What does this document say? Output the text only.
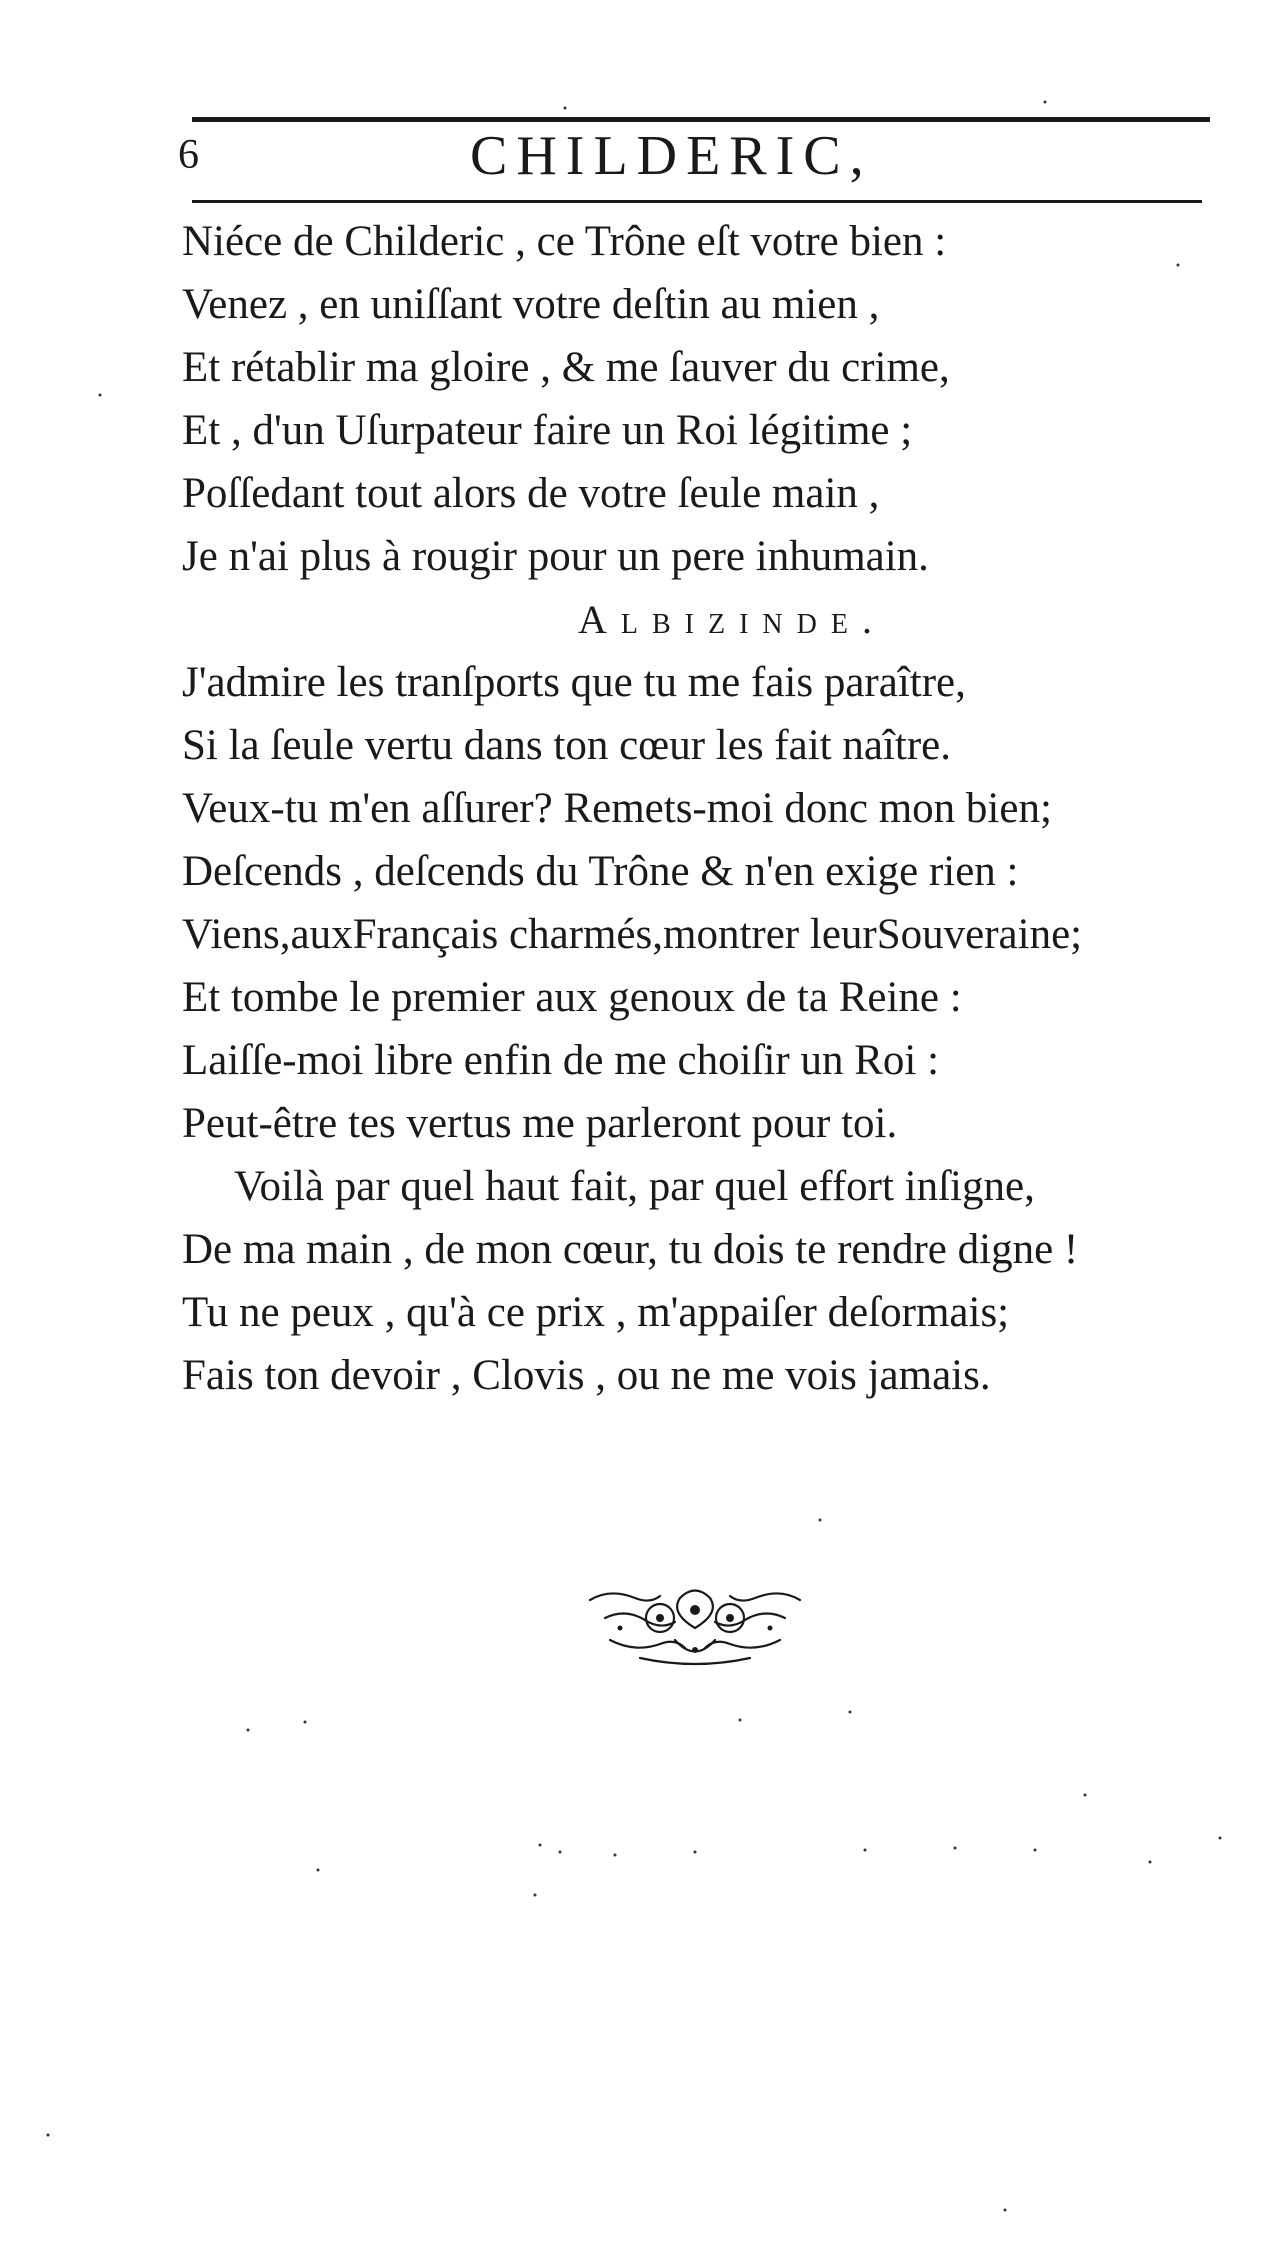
6	CHILDERIC,
Niéce de Childeric , ce Trône eſt votre bien :
Venez , en uniſſant votre deſtin au mien ,
Et rétablir ma gloire , & me ſauver du crime,
Et , d'un Uſurpateur faire un Roi légitime ;
Poſſedant tout alors de votre ſeule main ,
Je n'ai plus à rougir pour un pere inhumain.
Albizinde.
J'admire les tranſports que tu me fais paraître,
Si la ſeule vertu dans ton cœur les fait naître.
Veux-tu m'en aſſurer? Remets-moi donc mon bien;
Deſcends , deſcends du Trône & n'en exige rien :
Viens,auxFrançais charmés,montrer leurSouveraine;
Et tombe le premier aux genoux de ta Reine :
Laiſſe-moi libre enfin de me choiſir un Roi :
Peut-être tes vertus me parleront pour toi.
Voilà par quel haut fait, par quel effort inſigne,
De ma main , de mon cœur, tu dois te rendre digne !
Tu ne peux , qu'à ce prix , m'appaiſer deſormais;
Fais ton devoir , Clovis , ou ne me vois jamais.
